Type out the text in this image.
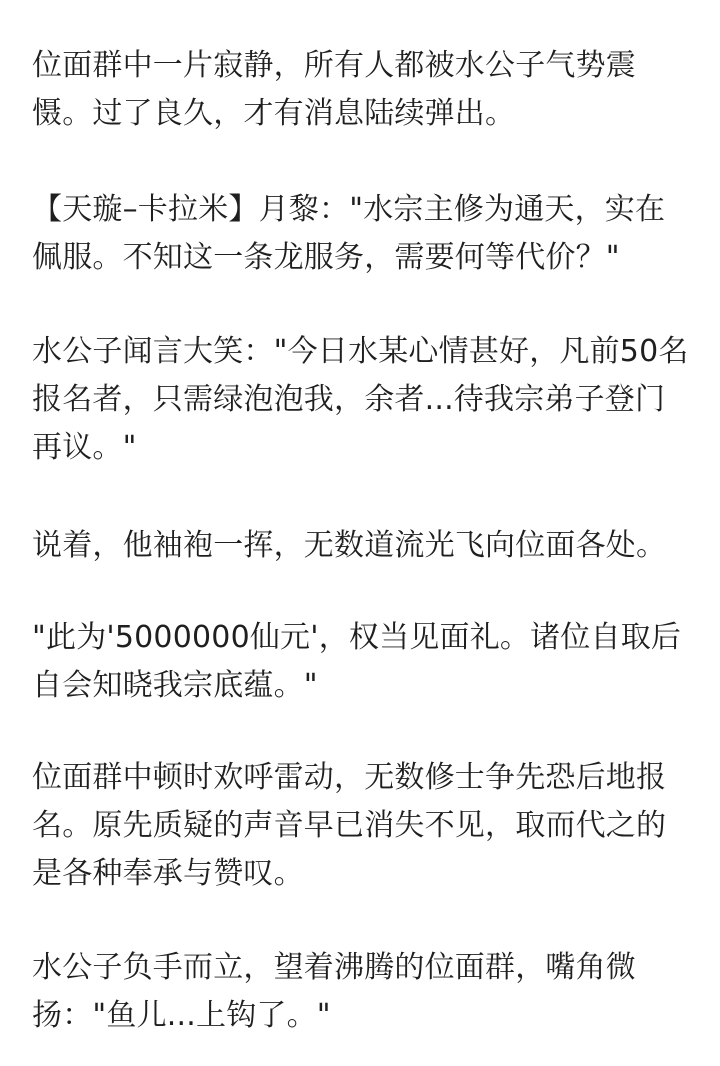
位面群中一片寂静，所有人都被水公子气势震
慑。过了良久，才有消息陆续弹出。

【天璇–卡拉米】月黎："水宗主修为通天，实在
佩服。不知这一条龙服务，需要何等代价？"

水公子闻言大笑："今日水某心情甚好，凡前50名
报名者，只需绿泡泡我，余者...待我宗弟子登门
再议。"

说着，他袖袍一挥，无数道流光飞向位面各处。

"此为'5000000仙元'，权当见面礼。诸位自取后
自会知晓我宗底蕴。"

位面群中顿时欢呼雷动，无数修士争先恐后地报
名。原先质疑的声音早已消失不见，取而代之的
是各种奉承与赞叹。

水公子负手而立，望着沸腾的位面群，嘴角微
扬："鱼儿...上钩了。"
